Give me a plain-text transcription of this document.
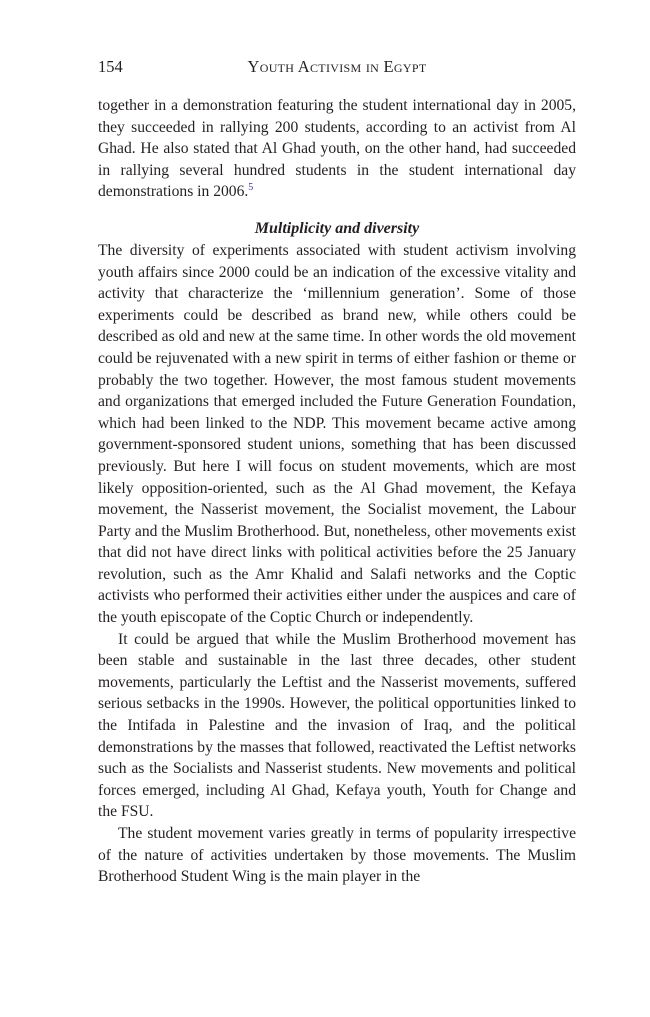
154	Youth Activism in Egypt

together in a demonstration featuring the student international day in 2005, they succeeded in rallying 200 students, according to an activist from Al Ghad. He also stated that Al Ghad youth, on the other hand, had succeeded in rallying several hundred students in the student international day demonstrations in 2006.$^5$

Multiplicity and diversity

The diversity of experiments associated with student activism involving youth affairs since 2000 could be an indication of the excessive vitality and activity that characterize the ‘millennium generation’. Some of those experiments could be described as brand new, while others could be described as old and new at the same time. In other words the old movement could be rejuvenated with a new spirit in terms of either fashion or theme or probably the two together. However, the most famous student movements and organizations that emerged included the Future Generation Foundation, which had been linked to the NDP. This movement became active among government-sponsored student unions, something that has been discussed previously. But here I will focus on student movements, which are most likely opposition-oriented, such as the Al Ghad movement, the Kefaya movement, the Nasserist movement, the Socialist movement, the Labour Party and the Muslim Brotherhood. But, nonetheless, other movements exist that did not have direct links with political activities before the 25 January revolution, such as the Amr Khalid and Salafi networks and the Coptic activists who performed their activities either under the auspices and care of the youth episcopate of the Coptic Church or independently.

It could be argued that while the Muslim Brotherhood movement has been stable and sustainable in the last three decades, other student movements, particularly the Leftist and the Nasserist movements, suffered serious setbacks in the 1990s. However, the political opportunities linked to the Intifada in Palestine and the invasion of Iraq, and the political demonstrations by the masses that followed, reactivated the Leftist networks such as the Socialists and Nasserist students. New movements and political forces emerged, including Al Ghad, Kefaya youth, Youth for Change and the FSU.

The student movement varies greatly in terms of popularity irrespective of the nature of activities undertaken by those movements. The Muslim Brotherhood Student Wing is the main player in the
